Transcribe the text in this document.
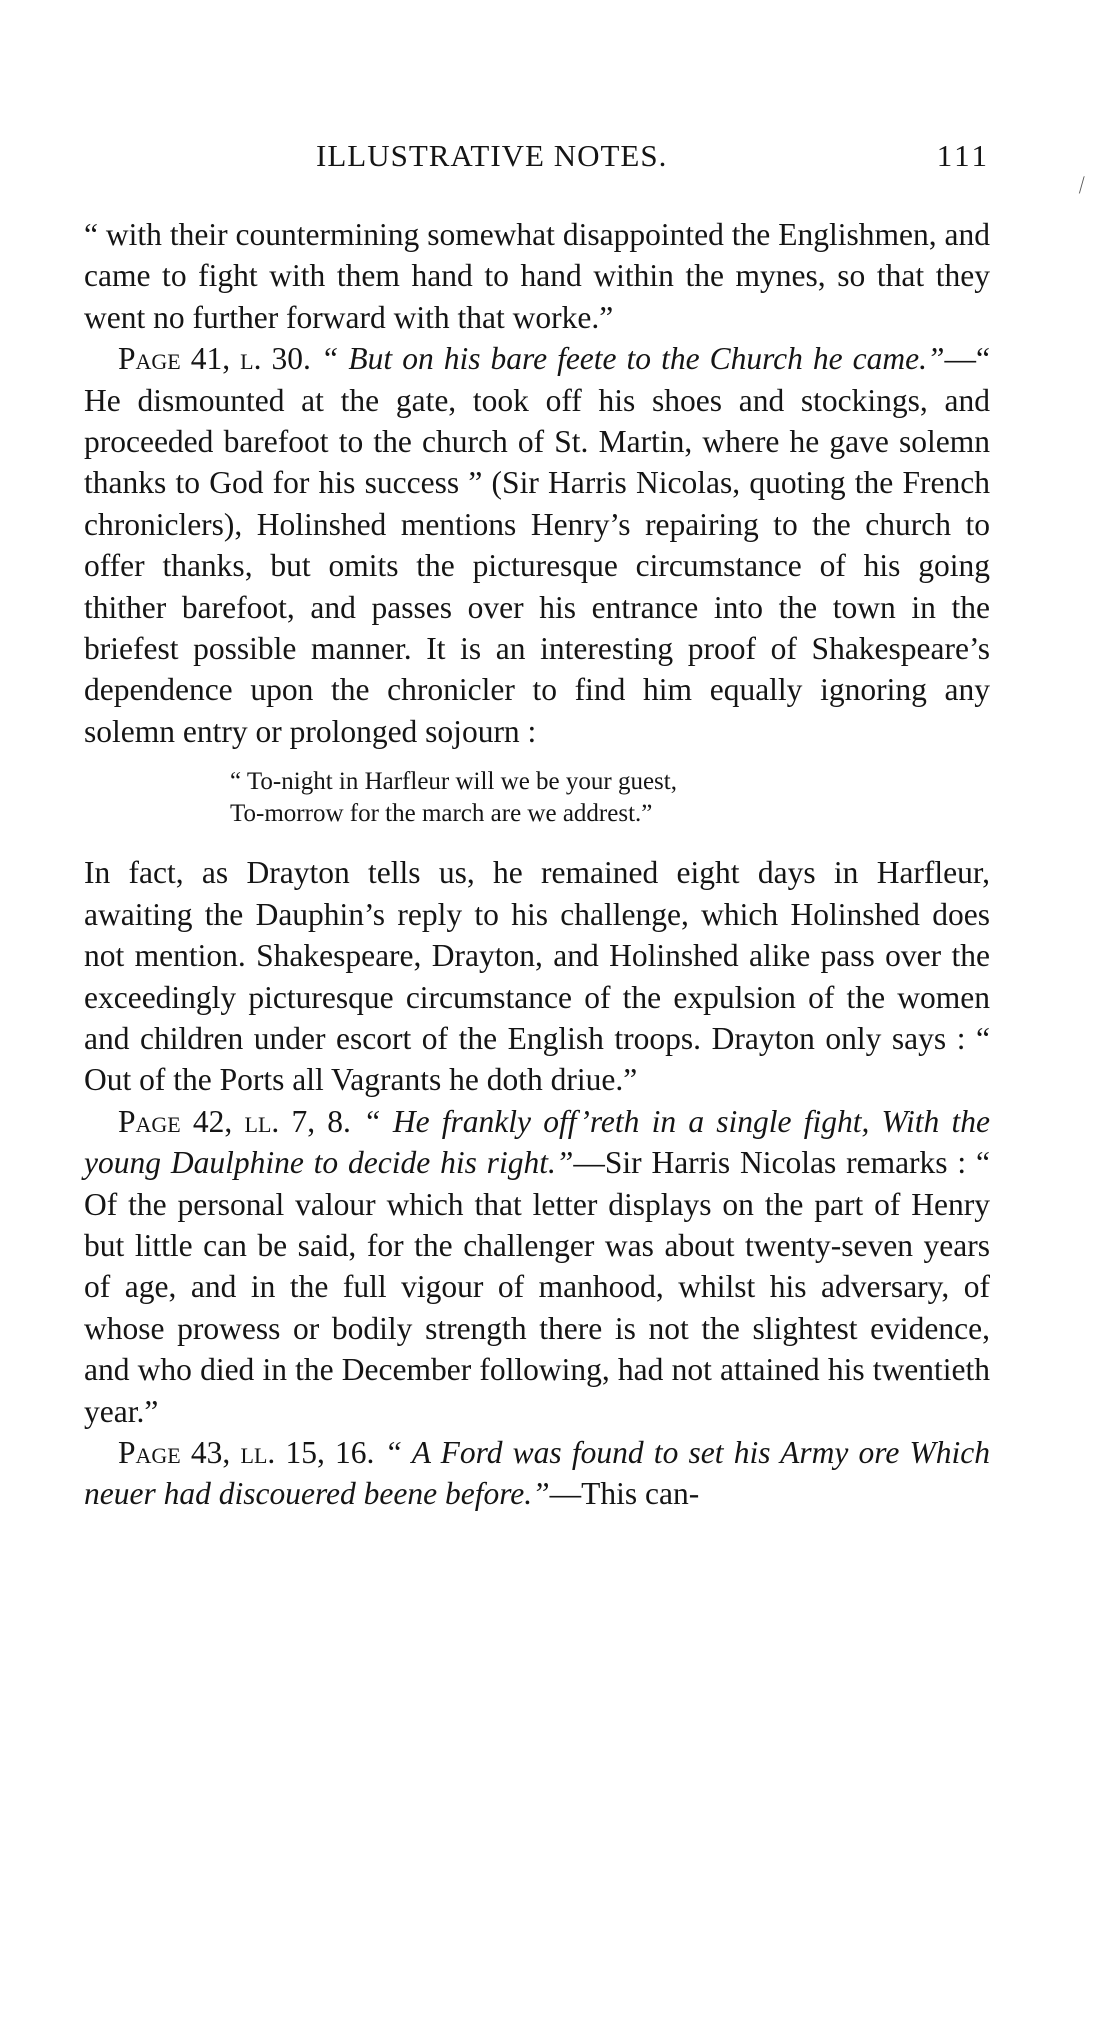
ILLUSTRATIVE NOTES.	111
⁄

“ with their countermining somewhat disappointed the Englishmen, and came to fight with them hand to hand within the mynes, so that they went no further forward with that worke.”

Page 41, l. 30. “ But on his bare feete to the Church he came.”—“ He dismounted at the gate, took off his shoes and stockings, and proceeded barefoot to the church of St. Martin, where he gave solemn thanks to God for his success ” (Sir Harris Nicolas, quoting the French chroniclers), Holinshed mentions Henry’s repairing to the church to offer thanks, but omits the picturesque circumstance of his going thither barefoot, and passes over his entrance into the town in the briefest possible manner. It is an interesting proof of Shakespeare’s dependence upon the chronicler to find him equally ignoring any solemn entry or prolonged sojourn :

“ To-night in Harfleur will we be your guest,
To-morrow for the march are we addrest.”

In fact, as Drayton tells us, he remained eight days in Harfleur, awaiting the Dauphin’s reply to his challenge, which Holinshed does not mention. Shakespeare, Drayton, and Holinshed alike pass over the exceedingly picturesque circumstance of the expulsion of the women and children under escort of the English troops. Drayton only says : “ Out of the Ports all Vagrants he doth driue.”

Page 42, ll. 7, 8. “ He frankly off’reth in a single fight, With the young Daulphine to decide his right.”—Sir Harris Nicolas remarks : “ Of the personal valour which that letter displays on the part of Henry but little can be said, for the challenger was about twenty-seven years of age, and in the full vigour of manhood, whilst his adversary, of whose prowess or bodily strength there is not the slightest evidence, and who died in the December following, had not attained his twentieth year.”

Page 43, ll. 15, 16. “ A Ford was found to set his Army ore Which neuer had discouered beene before.”—This can-
